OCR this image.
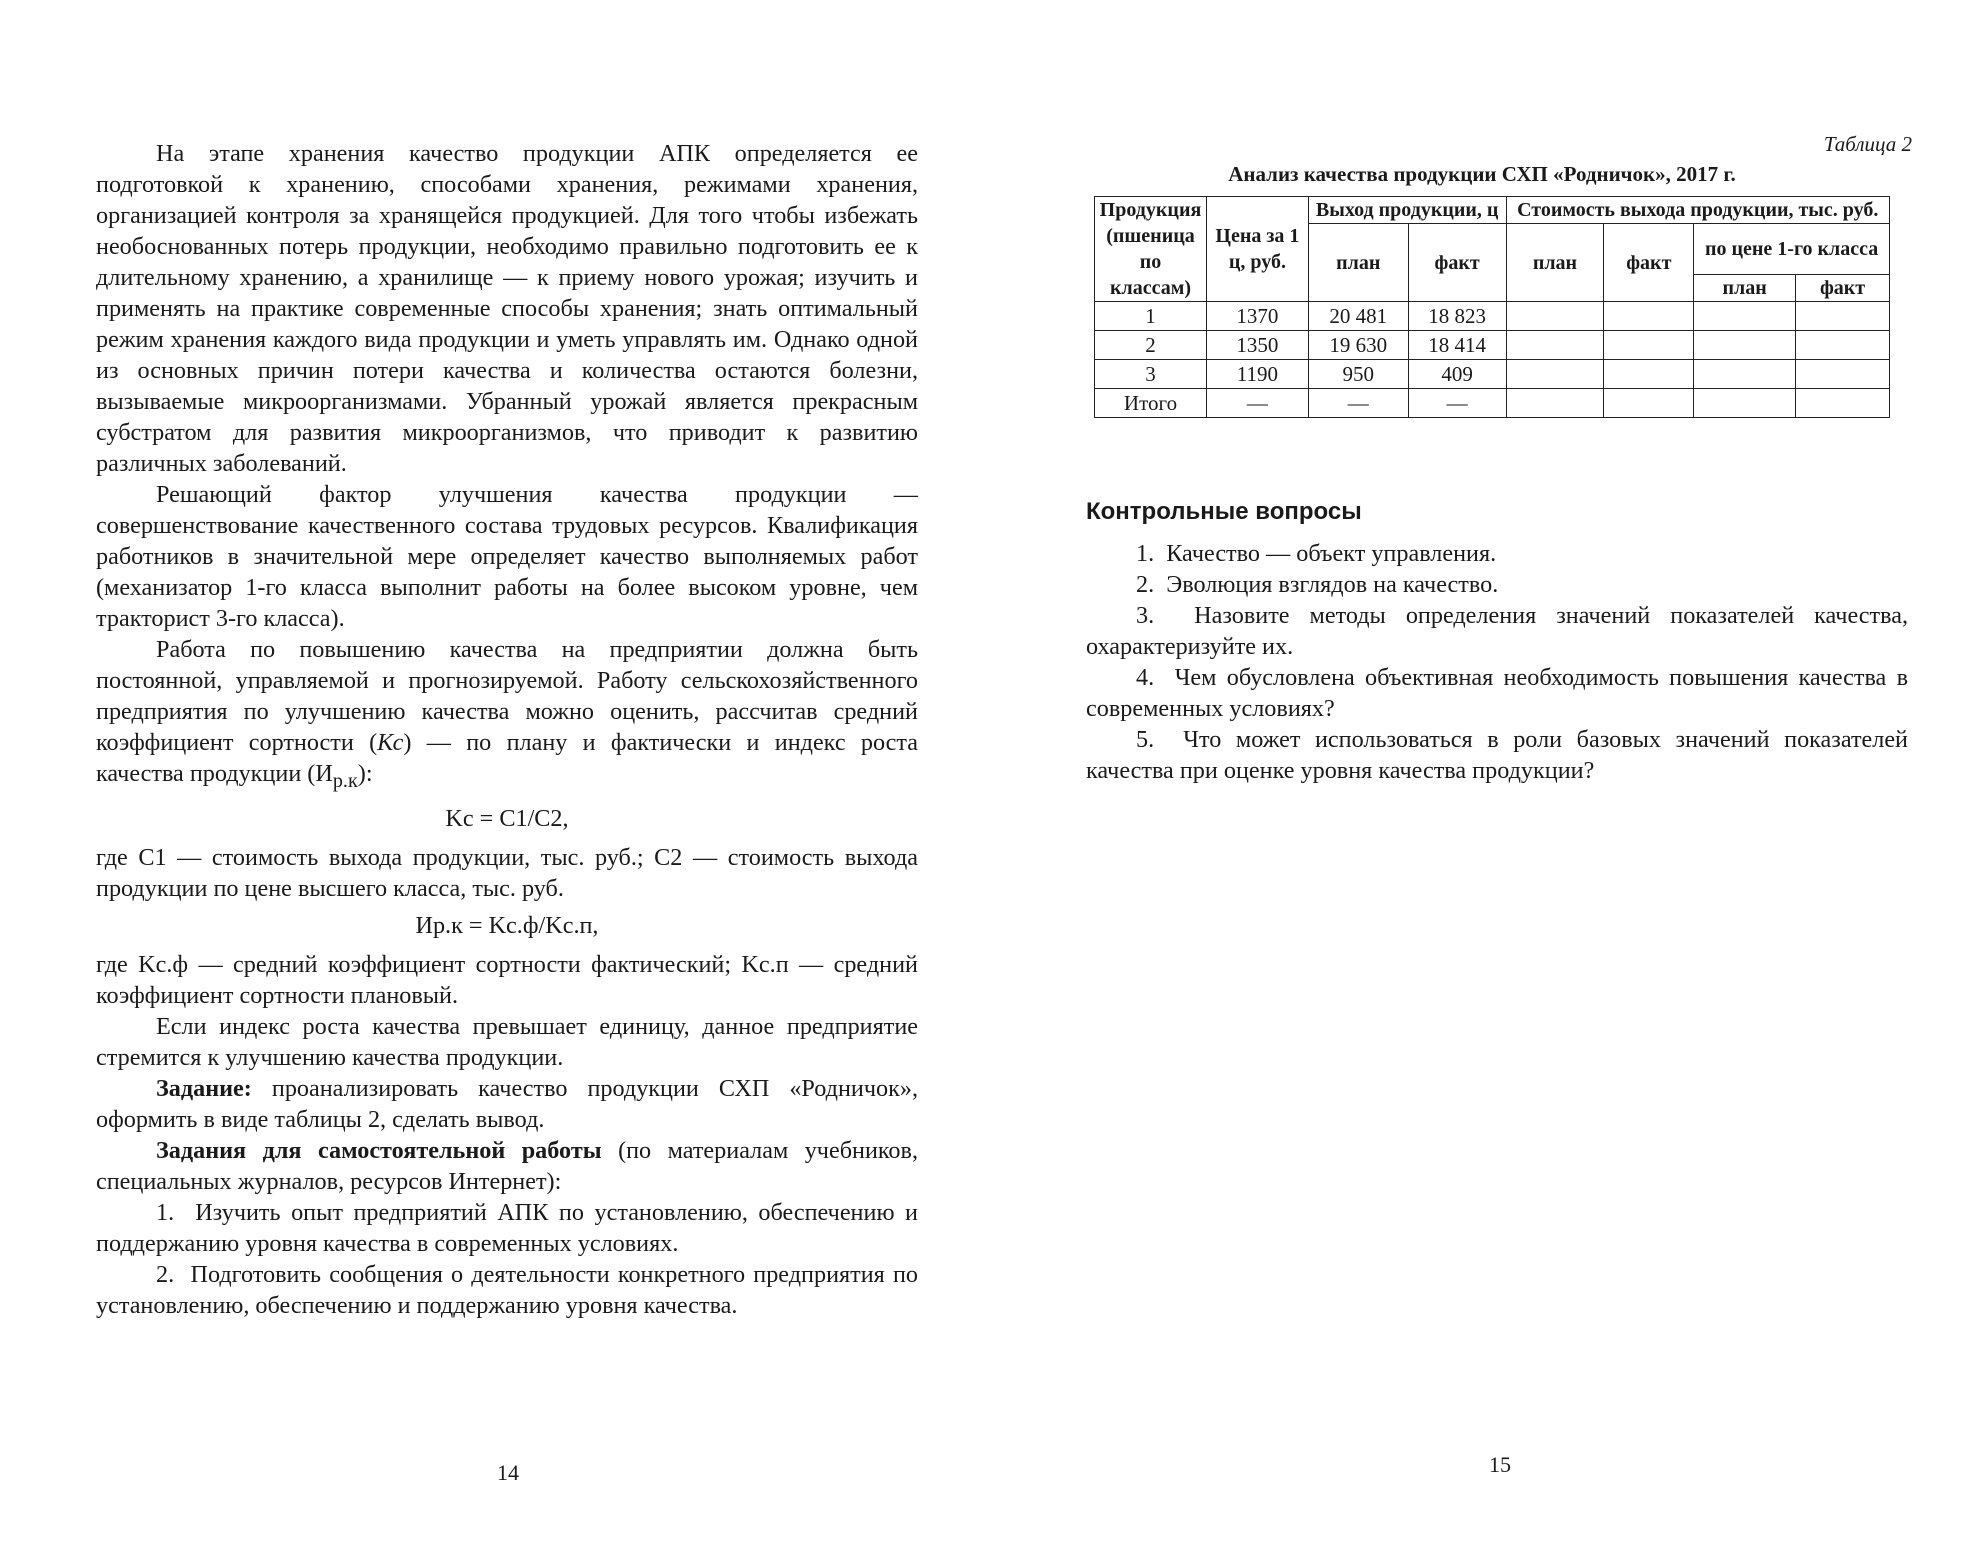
На этапе хранения качество продукции АПК определяется ее подготовкой к хранению, способами хранения, режимами хранения, организацией контроля за хранящейся продукцией. Для того чтобы избежать необоснованных потерь продукции, необходимо правильно подготовить ее к длительному хранению, а хранилище — к приему нового урожая; изучить и применять на практике современные способы хранения; знать оптимальный режим хранения каждого вида продукции и уметь управлять им. Однако одной из основных причин потери качества и количества остаются болезни, вызываемые микроорганизмами. Убранный урожай является прекрасным субстратом для развития микроорганизмов, что приводит к развитию различных заболеваний.

Решающий фактор улучшения качества продукции — совершенствование качественного состава трудовых ресурсов. Квалификация работников в значительной мере определяет качество выполняемых работ (механизатор 1-го класса выполнит работы на более высоком уровне, чем тракторист 3-го класса).

Работа по повышению качества на предприятии должна быть постоянной, управляемой и прогнозируемой. Работу сельскохозяйственного предприятия по улучшению качества можно оценить, рассчитав средний коэффициент сортности (Кс) — по плану и фактически и индекс роста качества продукции $(И_{р.к})$:

Kс = C1/C2,

где C1 — стоимость выхода продукции, тыс. руб.; C2 — стоимость выхода продукции по цене высшего класса, тыс. руб.

Ир.к = Kс.ф/Kс.п,

где Kс.ф — средний коэффициент сортности фактический; Kс.п — средний коэффициент сортности плановый.

Если индекс роста качества превышает единицу, данное предприятие стремится к улучшению качества продукции.

Задание: проанализировать качество продукции СХП «Родничок», оформить в виде таблицы 2, сделать вывод.

Задания для самостоятельной работы (по материалам учебников, специальных журналов, ресурсов Интернет):

1.  Изучить опыт предприятий АПК по установлению, обеспечению и поддержанию уровня качества в современных условиях.

2.  Подготовить сообщения о деятельности конкретного предприятия по установлению, обеспечению и поддержанию уровня качества.

14
Таблица 2
Анализ качества продукции СХП «Родничок», 2017 г.
Продукция (пшеница по классам)	Цена за 1 ц, руб.	Выход продукции, ц		Стоимость выхода продукции, тыс. руб.			
		план	факт	план	факт	по цене 1-го класса	
						план	факт
1	1370	20 481	18 823				
2	1350	19 630	18 414				
3	1190	950	409				
Итого	—	—	—				
Контрольные вопросы

1.  Качество — объект управления.

2.  Эволюция взглядов на качество.

3.  Назовите методы определения значений показателей качества, охарактеризуйте их.

4.  Чем обусловлена объективная необходимость повышения качества в современных условиях?

5.  Что может использоваться в роли базовых значений показателей качества при оценке уровня качества продукции?

15
